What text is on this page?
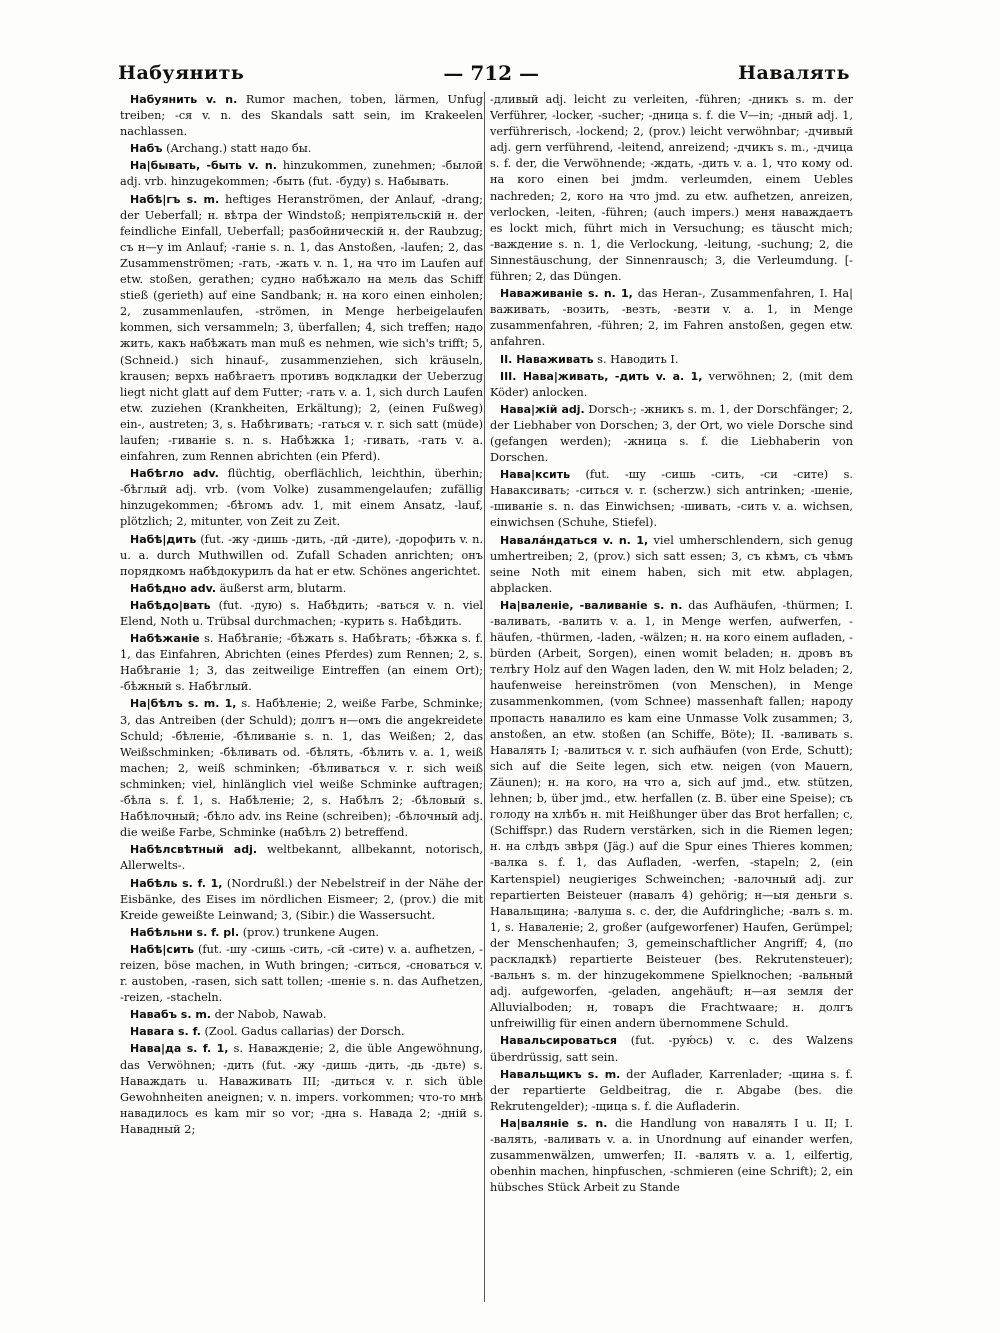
Набуянить	— 712 —	Навалять

Набуянить v. n. Rumor machen, toben, lärmen, Unfug treiben; -ся v. n. des Skandals satt sein, im Krakeelen nachlassen.

Набъ (Archang.) statt надо бы.

На|бывать, -быть v. n. hinzukommen, zunehmen; -былой adj. vrb. hinzugekommen; -быть (fut. -буду) s. Набывать.

Набѣ|гъ s. m. heftiges Heranströmen, der Anlauf, -drang; der Ueberfall; н. вѣтра der Windstoß; непріятельскій н. der feindliche Einfall, Ueberfall; разбойническій н. der Raubzug; съ н—у im Anlauf; -ганіе s. n. 1, das Anstoßen, -laufen; 2, das Zusammenströmen; -гать, -жать v. n. 1, на что im Laufen auf etw. stoßen, gerathen; судно набѣжало на мель das Schiff stieß (gerieth) auf eine Sandbank; н. на кого einen einholen; 2, zusammenlaufen, -strömen, in Menge herbeigelaufen kommen, sich versammeln; 3, überfallen; 4, sich treffen; надо жить, какъ набѣжать man muß es nehmen, wie sich's trifft; 5, (Schneid.) sich hinauf-, zusammenziehen, sich kräuseln, krausen; верхъ набѣгаетъ противъ водкладки der Ueberzug liegt nicht glatt auf dem Futter; -гать v. a. 1, sich durch Laufen etw. zuziehen (Krankheiten, Erkältung); 2, (einen Fußweg) ein-, austreten; 3, s. Набѣгивать; -гаться v. r. sich satt (müde) laufen; -гиваніе s. n. s. Набѣжка 1; -гивать, -гать v. a. einfahren, zum Rennen abrichten (ein Pferd).

Набѣгло adv. flüchtig, oberflächlich, leichthin, überhin; -бѣглый adj. vrb. (vom Volke) zusammengelaufen; zufällig hinzugekommen; -бѣгомъ adv. 1, mit einem Ansatz, -lauf, plötzlich; 2, mitunter, von Zeit zu Zeit.

Набѣ|дить (fut. -жу -дишь -дить, -дй -дите), -дорофить v. n. u. a. durch Muthwillen od. Zufall Schaden anrichten; онъ порядкомъ набѣдокурилъ da hat er etw. Schönes angerichtet.

Набѣдно adv. äußerst arm, blutarm.

Набѣдо|вать (fut. -дую) s. Набѣдить; -ваться v. n. viel Elend, Noth u. Trübsal durchmachen; -курить s. Набѣдить.

Набѣжаніе s. Набѣганіе; -бѣжать s. Набѣгать; -бѣжка s. f. 1, das Einfahren, Abrichten (eines Pferdes) zum Rennen; 2, s. Набѣганіе 1; 3, das zeitweilige Eintreffen (an einem Ort); -бѣжный s. Набѣглый.

На|бѣлъ s. m. 1, s. Набѣленіе; 2, weiße Farbe, Schminke; 3, das Antreiben (der Schuld); долгъ н—омъ die angekreidete Schuld; -бѣленіе, -бѣливаніе s. n. 1, das Weißen; 2, das Weißschminken; -бѣливать od. -бѣлять, -бѣлить v. a. 1, weiß machen; 2, weiß schminken; -бѣливаться v. r. sich weiß schminken; viel, hinlänglich viel weiße Schminke auftragen; -бѣла s. f. 1, s. Набѣленіе; 2, s. Набѣлъ 2; -бѣловый s. Набѣлочный; -бѣло adv. ins Reine (schreiben); -бѣлочный adj. die weiße Farbe, Schminke (набѣлъ 2) betreffend.

Набѣлсвѣтный adj. weltbekannt, allbekannt, notorisch, Allerwelts-.

Набѣль s. f. 1, (Nordrußl.) der Nebelstreif in der Nähe der Eisbänke, des Eises im nördlichen Eismeer; 2, (prov.) die mit Kreide geweißte Leinwand; 3, (Sibir.) die Wassersucht.

Набѣльни s. f. pl. (prov.) trunkene Augen.

Набѣ|сить (fut. -шу -сишь -сить, -сй -сите) v. a. aufhetzen, -reizen, böse machen, in Wuth bringen; -ситься, -сноваться v. r. austoben, -rasen, sich satt tollen; -шеніе s. n. das Aufhetzen, -reizen, -stacheln.

Навабъ s. m. der Nabob, Nawab.

Навага s. f. (Zool. Gadus callarias) der Dorsch.

Нава|да s. f. 1, s. Наважденіе; 2, die üble Angewöhnung, das Verwöhnen; -дить (fut. -жу -дишь -дить, -дь -дьте) s. Наваждать u. Наваживать III; -диться v. r. sich üble Gewohnheiten aneignen; v. n. impers. vorkommen; что-то мнѣ навадилось es kam mir so vor; -дна s. Навада 2; -дній s. Навадный 2;

-дливый adj. leicht zu verleiten, -führen; -дникъ s. m. der Verführer, -locker, -sucher; -дница s. f. die V—in; -дный adj. 1, verführerisch, -lockend; 2, (prov.) leicht verwöhnbar; -дчивый adj. gern verführend, -leitend, anreizend; -дчикъ s. m., -дчица s. f. der, die Verwöhnende; -ждать, -дить v. a. 1, что кому od. на кого einen bei jmdm. verleumden, einem Uebles nachreden; 2, кого на что jmd. zu etw. aufhetzen, anreizen, verlocken, -leiten, -führen; (auch impers.) меня наваждаетъ es lockt mich, führt mich in Versuchung; es täuscht mich; -важдение s. n. 1, die Verlockung, -leitung, -suchung; 2, die Sinnestäuschung, der Sinnenrausch; 3, die Verleumdung. [-führen; 2, das Düngen.

Наваживаніе s. n. 1, das Heran-, Zusammenfahren, I. На|важивать, -возить, -везть, -везти v. a. 1, in Menge zusammenfahren, -führen; 2, im Fahren anstoßen, gegen etw. anfahren.

II. Наваживать s. Наводить I.

III. Нава|живать, -дить v. a. 1, verwöhnen; 2, (mit dem Köder) anlocken.

Нава|жій adj. Dorsch-; -жникъ s. m. 1, der Dorschfänger; 2, der Liebhaber von Dorschen; 3, der Ort, wo viele Dorsche sind (gefangen werden); -жница s. f. die Liebhaberin von Dorschen.

Нава|ксить (fut. -шу -сишь -сить, -си -сите) s. Наваксивать; -ситься v. r. (scherzw.) sich antrinken; -шеніе, -шиваніе s. n. das Einwichsen; -шивать, -сить v. a. wichsen, einwichsen (Schuhe, Stiefel).

Навалáндаться v. n. 1, viel umherschlendern, sich genug umhertreiben; 2, (prov.) sich satt essen; 3, съ кѣмъ, съ чѣмъ seine Noth mit einem haben, sich mit etw. abplagen, abplacken.

На|валеніе, -валиваніе s. n. das Aufhäufen, -thürmen; I. -валивать, -валить v. a. 1, in Menge werfen, aufwerfen, -häufen, -thürmen, -laden, -wälzen; н. на кого einem aufladen, -bürden (Arbeit, Sorgen), einen womit beladen; н. дровъ въ телѣгу Holz auf den Wagen laden, den W. mit Holz beladen; 2, haufenweise hereinströmen (von Menschen), in Menge zusammenkommen, (vom Schnee) massenhaft fallen; народу пропасть навалило es kam eine Unmasse Volk zusammen; 3, anstoßen, an etw. stoßen (an Schiffe, Böte); II. -валивать s. Навалять I; -валиться v. r. sich aufhäufen (von Erde, Schutt); sich auf die Seite legen, sich etw. neigen (von Mauern, Zäunen); н. на кого, на что a, sich auf jmd., etw. stützen, lehnen; b, über jmd., etw. herfallen (z. B. über eine Speise); съ голоду на хлѣбъ н. mit Heißhunger über das Brot herfallen; c, (Schiffspr.) das Rudern verstärken, sich in die Riemen legen; н. на слѣдъ звѣря (Jäg.) auf die Spur eines Thieres kommen; -валка s. f. 1, das Aufladen, -werfen, -stapeln; 2, (ein Kartenspiel) neugieriges Schweinchen; -валочный adj. zur repartierten Beisteuer (навалъ 4) gehörig; н—ыя деньги s. Навальщина; -валуша s. c. der, die Aufdringliche; -валъ s. m. 1, s. Наваленіе; 2, großer (aufgeworfener) Haufen, Gerümpel; der Menschenhaufen; 3, gemeinschaftlicher Angriff; 4, (по раскладкѣ) repartierte Beisteuer (bes. Rekrutensteuer); -вальнъ s. m. der hinzugekommene Spielknochen; -вальный adj. aufgeworfen, -geladen, angehäuft; н—ая земля der Alluvialboden; н, товаръ die Frachtwaare; н. долгъ unfreiwillig für einen andern übernommene Schuld.

Навальсироваться (fut. -рую́сь) v. c. des Walzens überdrüssig, satt sein.

Навальщикъ s. m. der Auflader, Karrenlader; -щина s. f. der repartierte Geldbeitrag, die r. Abgabe (bes. die Rekrutengelder); -щица s. f. die Aufladerin.

На|валяніе s. n. die Handlung von навалять I u. II; I. -валять, -валивать v. a. in Unordnung auf einander werfen, zusammenwälzen, umwerfen; II. -валять v. a. 1, eilfertig, obenhin machen, hinpfuschen, -schmieren (eine Schrift); 2, ein hübsches Stück Arbeit zu Stande
